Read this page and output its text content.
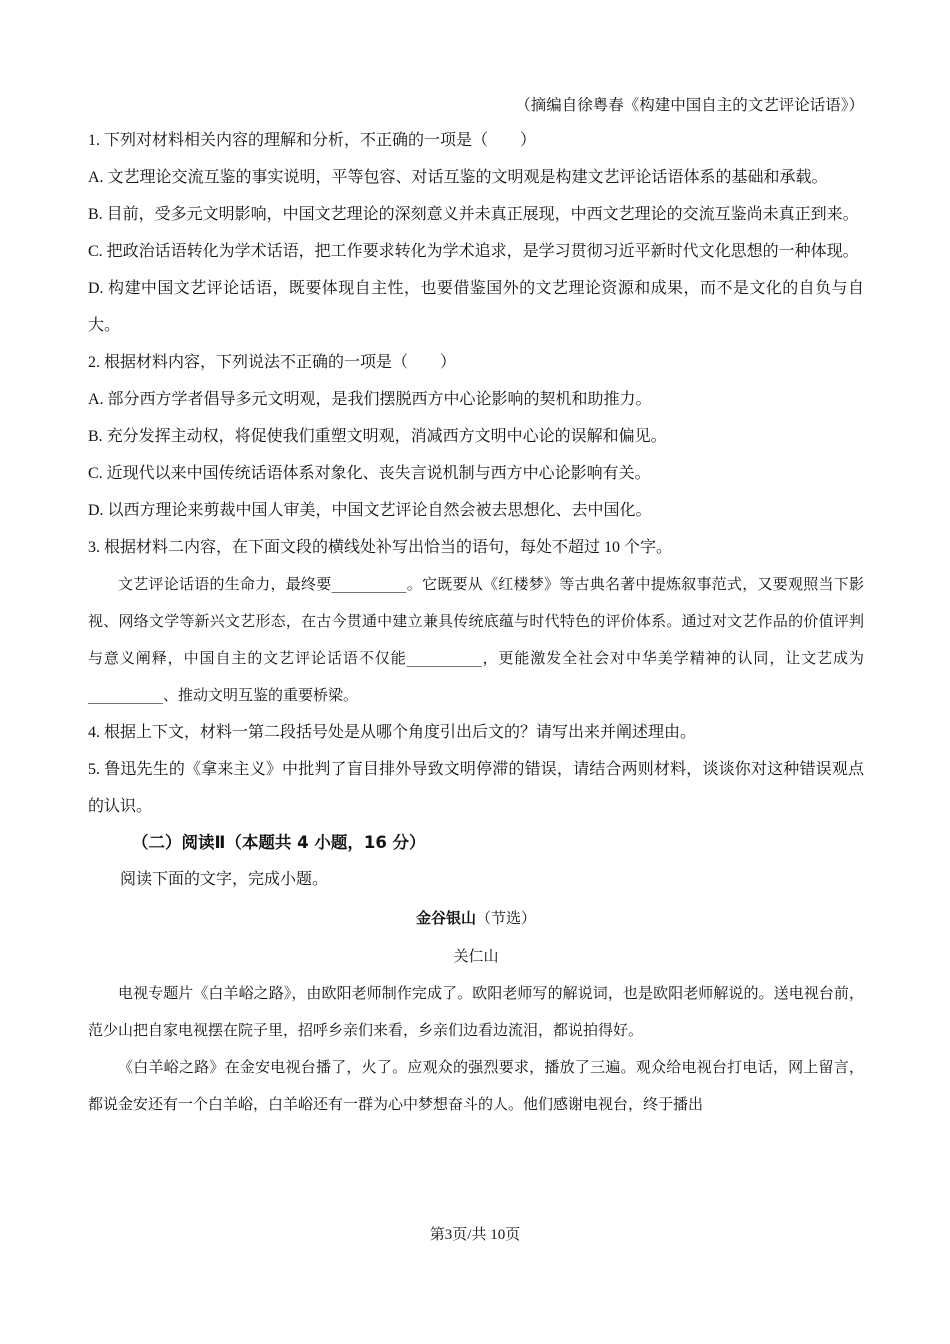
（摘编自徐粤春《构建中国自主的文艺评论话语》）

1. 下列对材料相关内容的理解和分析，不正确的一项是（　　）

A. 文艺理论交流互鉴的事实说明，平等包容、对话互鉴的文明观是构建文艺评论话语体系的基础和承载。

B. 目前，受多元文明影响，中国文艺理论的深刻意义并未真正展现，中西文艺理论的交流互鉴尚未真正到来。

C. 把政治话语转化为学术话语，把工作要求转化为学术追求，是学习贯彻习近平新时代文化思想的一种体现。

D. 构建中国文艺评论话语，既要体现自主性，也要借鉴国外的文艺理论资源和成果，而不是文化的自负与自大。

2. 根据材料内容，下列说法不正确的一项是（　　）

A. 部分西方学者倡导多元文明观，是我们摆脱西方中心论影响的契机和助推力。

B. 充分发挥主动权，将促使我们重塑文明观，消减西方文明中心论的误解和偏见。

C. 近现代以来中国传统话语体系对象化、丧失言说机制与西方中心论影响有关。

D. 以西方理论来剪裁中国人审美，中国文艺评论自然会被去思想化、去中国化。

3. 根据材料二内容，在下面文段的横线处补写出恰当的语句，每处不超过 10 个字。

文艺评论话语的生命力，最终要__________。它既要从《红楼梦》等古典名著中提炼叙事范式，又要观照当下影视、网络文学等新兴文艺形态，在古今贯通中建立兼具传统底蕴与时代特色的评价体系。通过对文艺作品的价值评判与意义阐释，中国自主的文艺评论话语不仅能__________，更能激发全社会对中华美学精神的认同，让文艺成为__________、推动文明互鉴的重要桥梁。

4. 根据上下文，材料一第二段括号处是从哪个角度引出后文的？请写出来并阐述理由。

5. 鲁迅先生的《拿来主义》中批判了盲目排外导致文明停滞的错误，请结合两则材料，谈谈你对这种错误观点的认识。

（二）阅读Ⅱ（本题共 4 小题，16 分）

阅读下面的文字，完成小题。

金谷银山（节选）

关仁山

电视专题片《白羊峪之路》，由欧阳老师制作完成了。欧阳老师写的解说词，也是欧阳老师解说的。送电视台前，范少山把自家电视摆在院子里，招呼乡亲们来看，乡亲们边看边流泪，都说拍得好。

《白羊峪之路》在金安电视台播了，火了。应观众的强烈要求，播放了三遍。观众给电视台打电话，网上留言，都说金安还有一个白羊峪，白羊峪还有一群为心中梦想奋斗的人。他们感谢电视台，终于播出

第3页/共 10页
